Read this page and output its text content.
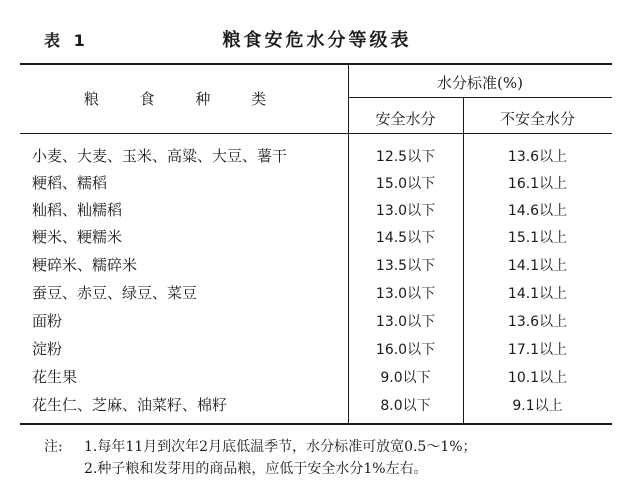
表 1	粮食安危水分等级表
粮 食 种 类
水分标准(%)
安全水分	不安全水分
小麦、大麦、玉米、高粱、大豆、薯干	12.5以下	13.6以上
粳稻、糯稻	15.0以下	16.1以上
籼稻、籼糯稻	13.0以下	14.6以上
粳米、粳糯米	14.5以下	15.1以上
粳碎米、糯碎米	13.5以下	14.1以上
蚕豆、赤豆、绿豆、菜豆	13.0以下	14.1以上
面粉	13.0以下	13.6以上
淀粉	16.0以下	17.1以上
花生果	9.0以下	10.1以上
花生仁、芝麻、油菜籽、棉籽	8.0以下	9.1以上
注: 1.每年11月到次年2月底低温季节，水分标准可放宽0.5～1%；
2.种子粮和发芽用的商品粮，应低于安全水分1%左右。
